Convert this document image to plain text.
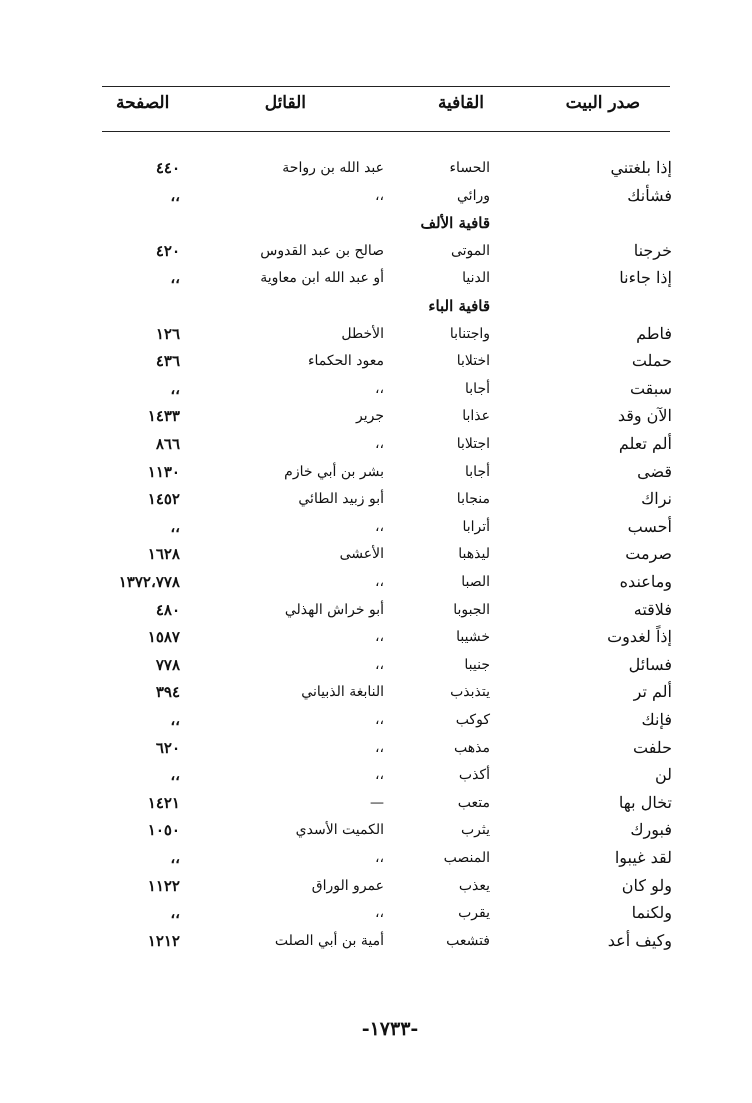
صدر البيت
القافية
القائل
الصفحة
إذا بلغتني
الحساء
عبد الله بن رواحة
٤٤٠
فشأنك
ورائي
،،
،،
قافية الألف
خرجنا
الموتى
صالح بن عبد القدوس
٤٢٠
إذا جاءنا
الدنيا
أو عبد الله ابن معاوية
،،
قافية الباء
فاطم
واجتنابا
الأخطل
١٢٦
حملت
اختلابا
معود الحكماء
٤٣٦
سبقت
أجابا
،،
،،
الآن وقد
عذابا
جرير
١٤٣٣
ألم تعلم
اجتلابا
،،
٨٦٦
قضى
أجابا
بشر بن أبي خازم
١١٣٠
نراك
منجابا
أبو زبيد الطائي
١٤٥٢
أحسب
أترابا
،،
،،
صرمت
ليذهبا
الأعشى
١٦٢٨
وماعنده
الصبا
،،
١٣٧٢،٧٧٨
فلاقته
الجبوبا
أبو خراش الهذلي
٤٨٠
إذاً لغدوت
خشيبا
،،
١٥٨٧
فسائل
جنيبا
،،
٧٧٨
ألم تر
يتذبذب
النابغة الذبياني
٣٩٤
فإنك
كوكب
،،
،،
حلفت
مذهب
،،
٦٢٠
لن
أكذب
،،
،،
تخال بها
متعب
—
١٤٢١
فبورك
يثرب
الكميت الأسدي
١٠٥٠
لقد غيبوا
المنصب
،،
،،
ولو كان
يعذب
عمرو الوراق
١١٢٢
ولكنما
يقرب
،،
،،
وكيف أعد
فتشعب
أمية بن أبي الصلت
١٢١٢
-١٧٣٣-
